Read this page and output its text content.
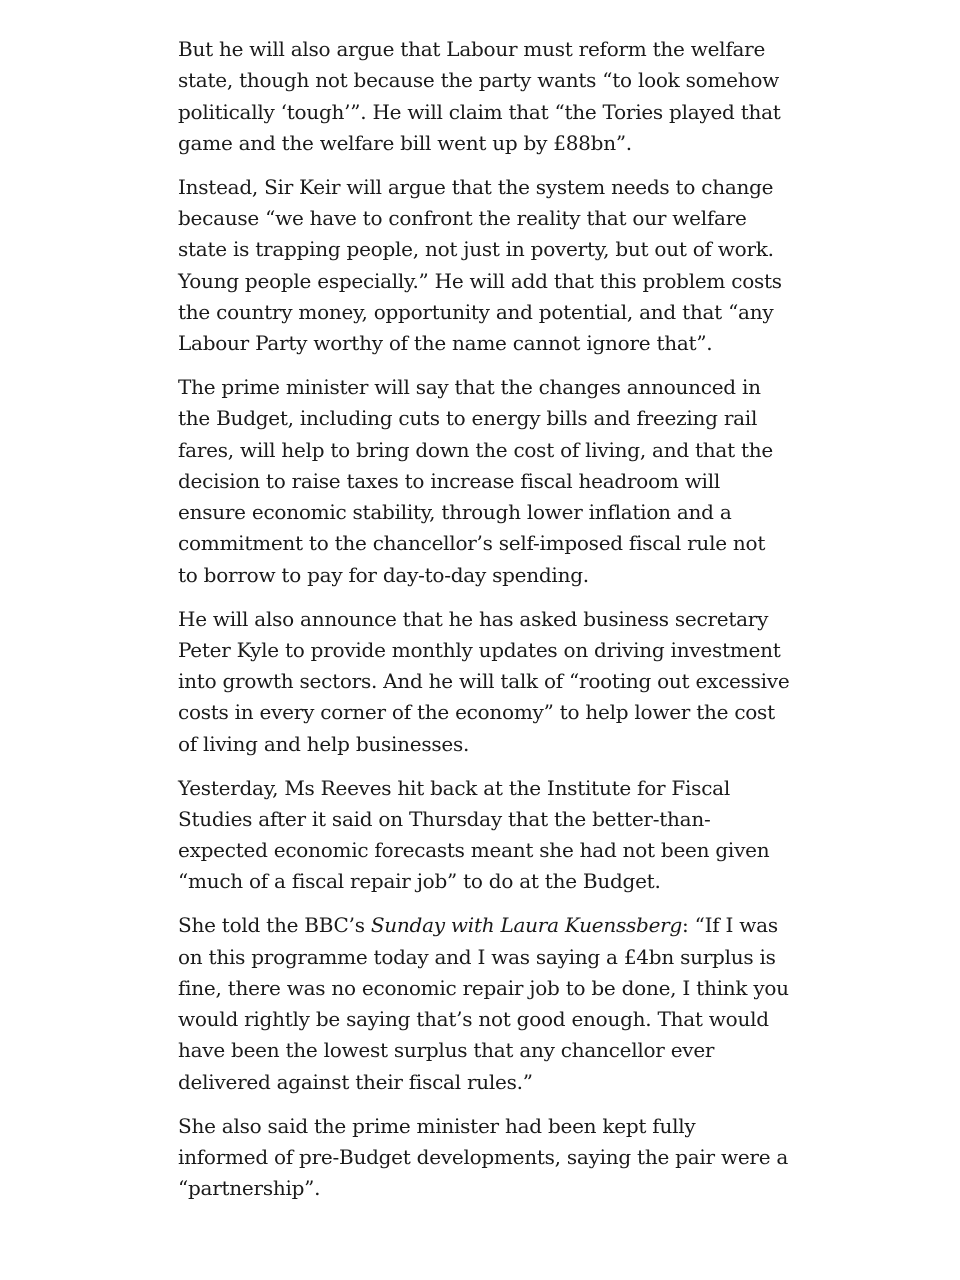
But he will also argue that Labour must reform the welfare state, though not because the party wants “to look somehow politically ‘tough’”. He will claim that “the Tories played that game and the welfare bill went up by £88bn”.

Instead, Sir Keir will argue that the system needs to change because “we have to confront the reality that our welfare state is trapping people, not just in poverty, but out of work. Young people especially.” He will add that this problem costs the country money, opportunity and potential, and that “any Labour Party worthy of the name cannot ignore that”.

The prime minister will say that the changes announced in the Budget, including cuts to energy bills and freezing rail fares, will help to bring down the cost of living, and that the decision to raise taxes to increase fiscal headroom will ensure economic stability, through lower inflation and a commitment to the chancellor’s self-imposed fiscal rule not to borrow to pay for day-to-day spending.

He will also announce that he has asked business secretary Peter Kyle to provide monthly updates on driving investment into growth sectors. And he will talk of “rooting out excessive costs in every corner of the economy” to help lower the cost of living and help businesses.

Yesterday, Ms Reeves hit back at the Institute for Fiscal Studies after it said on Thursday that the better-than-expected economic forecasts meant she had not been given “much of a fiscal repair job” to do at the Budget.

She told the BBC’s Sunday with Laura Kuenssberg: “If I was on this programme today and I was saying a £4bn surplus is fine, there was no economic repair job to be done, I think you would rightly be saying that’s not good enough. That would have been the lowest surplus that any chancellor ever delivered against their fiscal rules.”

She also said the prime minister had been kept fully informed of pre-Budget developments, saying the pair were a “partnership”.
